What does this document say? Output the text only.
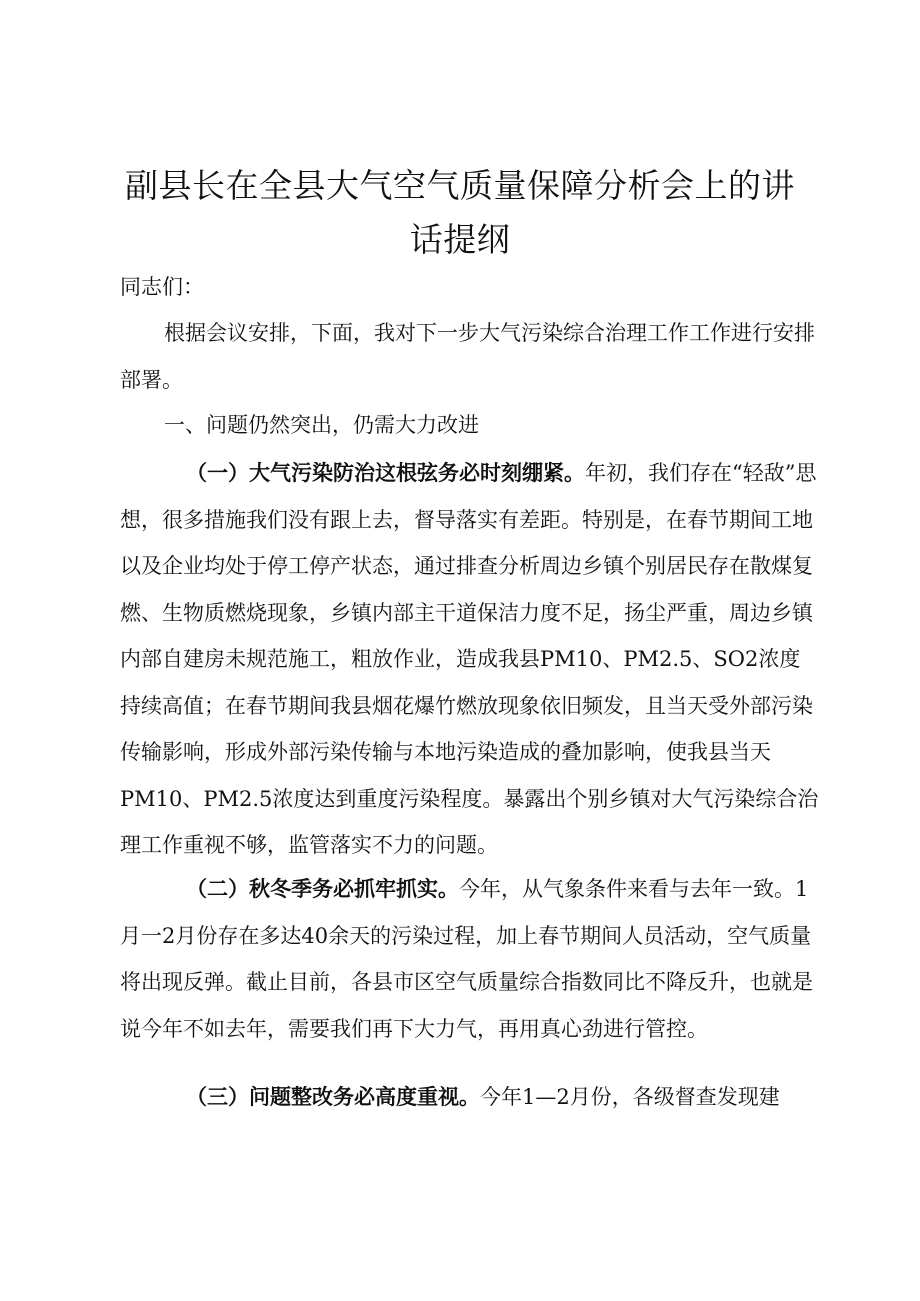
副县长在全县大气空气质量保障分析会上的讲
话提纲
同志们：
根据会议安排，下面，我对下一步大气污染综合治理工作工作进行安排部署。
一、问题仍然突出，仍需大力改进
（一）大气污染防治这根弦务必时刻绷紧。年初，我们存在“轻敌”思想，很多措施我们没有跟上去，督导落实有差距。特别是，在春节期间工地以及企业均处于停工停产状态，通过排查分析周边乡镇个别居民存在散煤复燃、生物质燃烧现象，乡镇内部主干道保洁力度不足，扬尘严重，周边乡镇内部自建房未规范施工，粗放作业，造成我县PM10、PM2.5、SO2浓度持续高值；在春节期间我县烟花爆竹燃放现象依旧频发，且当天受外部污染传输影响，形成外部污染传输与本地污染造成的叠加影响，使我县当天PM10、PM2.5浓度达到重度污染程度。暴露出个别乡镇对大气污染综合治理工作重视不够，监管落实不力的问题。
（二）秋冬季务必抓牢抓实。今年，从气象条件来看与去年一致。1月一2月份存在多达40余天的污染过程，加上春节期间人员活动，空气质量将出现反弹。截止目前，各县市区空气质量综合指数同比不降反升，也就是说今年不如去年，需要我们再下大力气，再用真心劲进行管控。
（三）问题整改务必高度重视。今年1—2月份，各级督查发现建
